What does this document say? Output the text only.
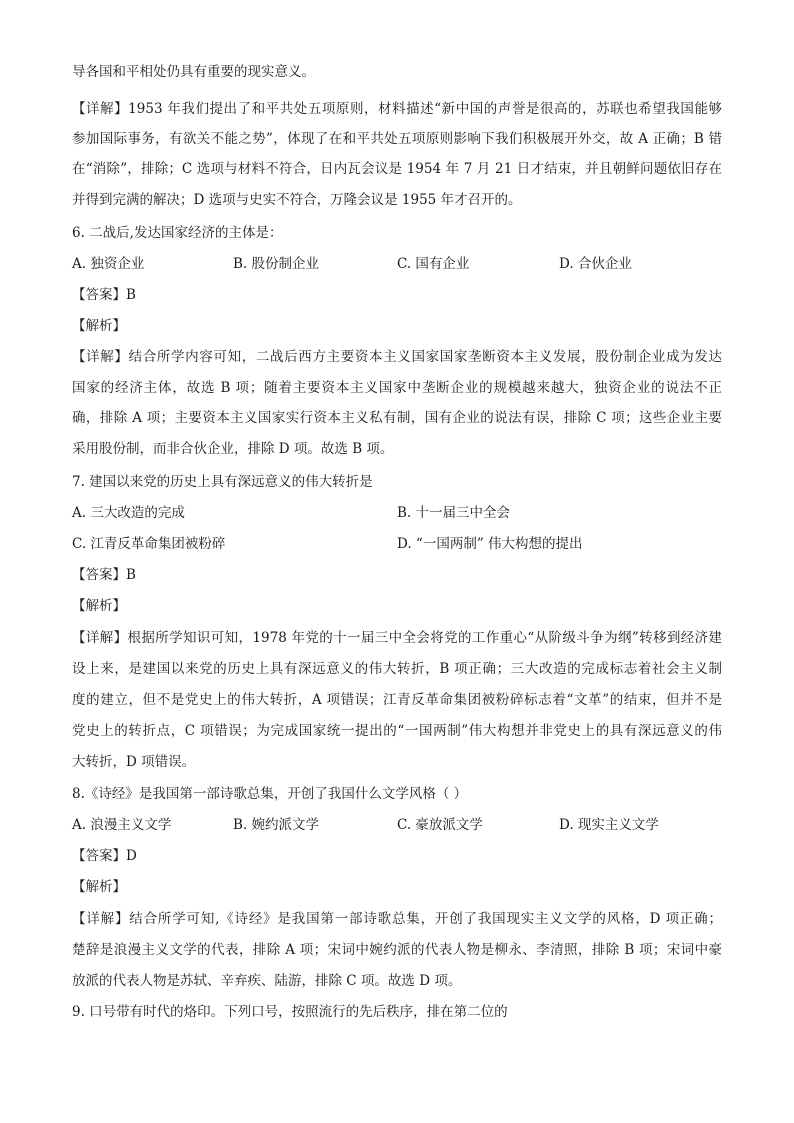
导各国和平相处仍具有重要的现实意义。
【详解】1953 年我们提出了和平共处五项原则，材料描述“新中国的声誉是很高的，苏联也希望我国能够
参加国际事务，有欲关不能之势”，体现了在和平共处五项原则影响下我们积极展开外交，故 A 正确；B 错
在“消除”，排除；C 选项与材料不符合，日内瓦会议是 1954 年 7 月 21 日才结束，并且朝鲜问题依旧存在
并得到完满的解决；D 选项与史实不符合，万隆会议是 1955 年才召开的。
6. 二战后,发达国家经济的主体是：
A. 独资企业	B. 股份制企业	C. 国有企业	D. 合伙企业
【答案】B
【解析】
【详解】结合所学内容可知，二战后西方主要资本主义国家国家垄断资本主义发展，股份制企业成为发达
国家的经济主体，故选 B 项；随着主要资本主义国家中垄断企业的规模越来越大，独资企业的说法不正
确，排除 A 项；主要资本主义国家实行资本主义私有制，国有企业的说法有误，排除 C 项；这些企业主要
采用股份制，而非合伙企业，排除 D 项。故选 B 项。
7. 建国以来党的历史上具有深远意义的伟大转折是
A. 三大改造的完成	B. 十一届三中全会
C. 江青反革命集团被粉碎	D. “一国两制” 伟大构想的提出
【答案】B
【解析】
【详解】根据所学知识可知，1978 年党的十一届三中全会将党的工作重心“从阶级斗争为纲”转移到经济建
设上来，是建国以来党的历史上具有深远意义的伟大转折，B 项正确；三大改造的完成标志着社会主义制
度的建立，但不是党史上的伟大转折，A 项错误；江青反革命集团被粉碎标志着“文革”的结束，但并不是
党史上的转折点，C 项错误；为完成国家统一提出的“一国两制”伟大构想并非党史上的具有深远意义的伟
大转折，D 项错误。
8.《诗经》是我国第一部诗歌总集，开创了我国什么文学风格（ ）
A. 浪漫主义文学	B. 婉约派文学	C. 豪放派文学	D. 现实主义文学
【答案】D
【解析】
【详解】结合所学可知,《诗经》是我国第一部诗歌总集，开创了我国现实主义文学的风格，D 项正确；
楚辞是浪漫主义文学的代表，排除 A 项；宋词中婉约派的代表人物是柳永、李清照，排除 B 项；宋词中豪
放派的代表人物是苏轼、辛弃疾、陆游，排除 C 项。故选 D 项。
9. 口号带有时代的烙印。下列口号，按照流行的先后秩序，排在第二位的
